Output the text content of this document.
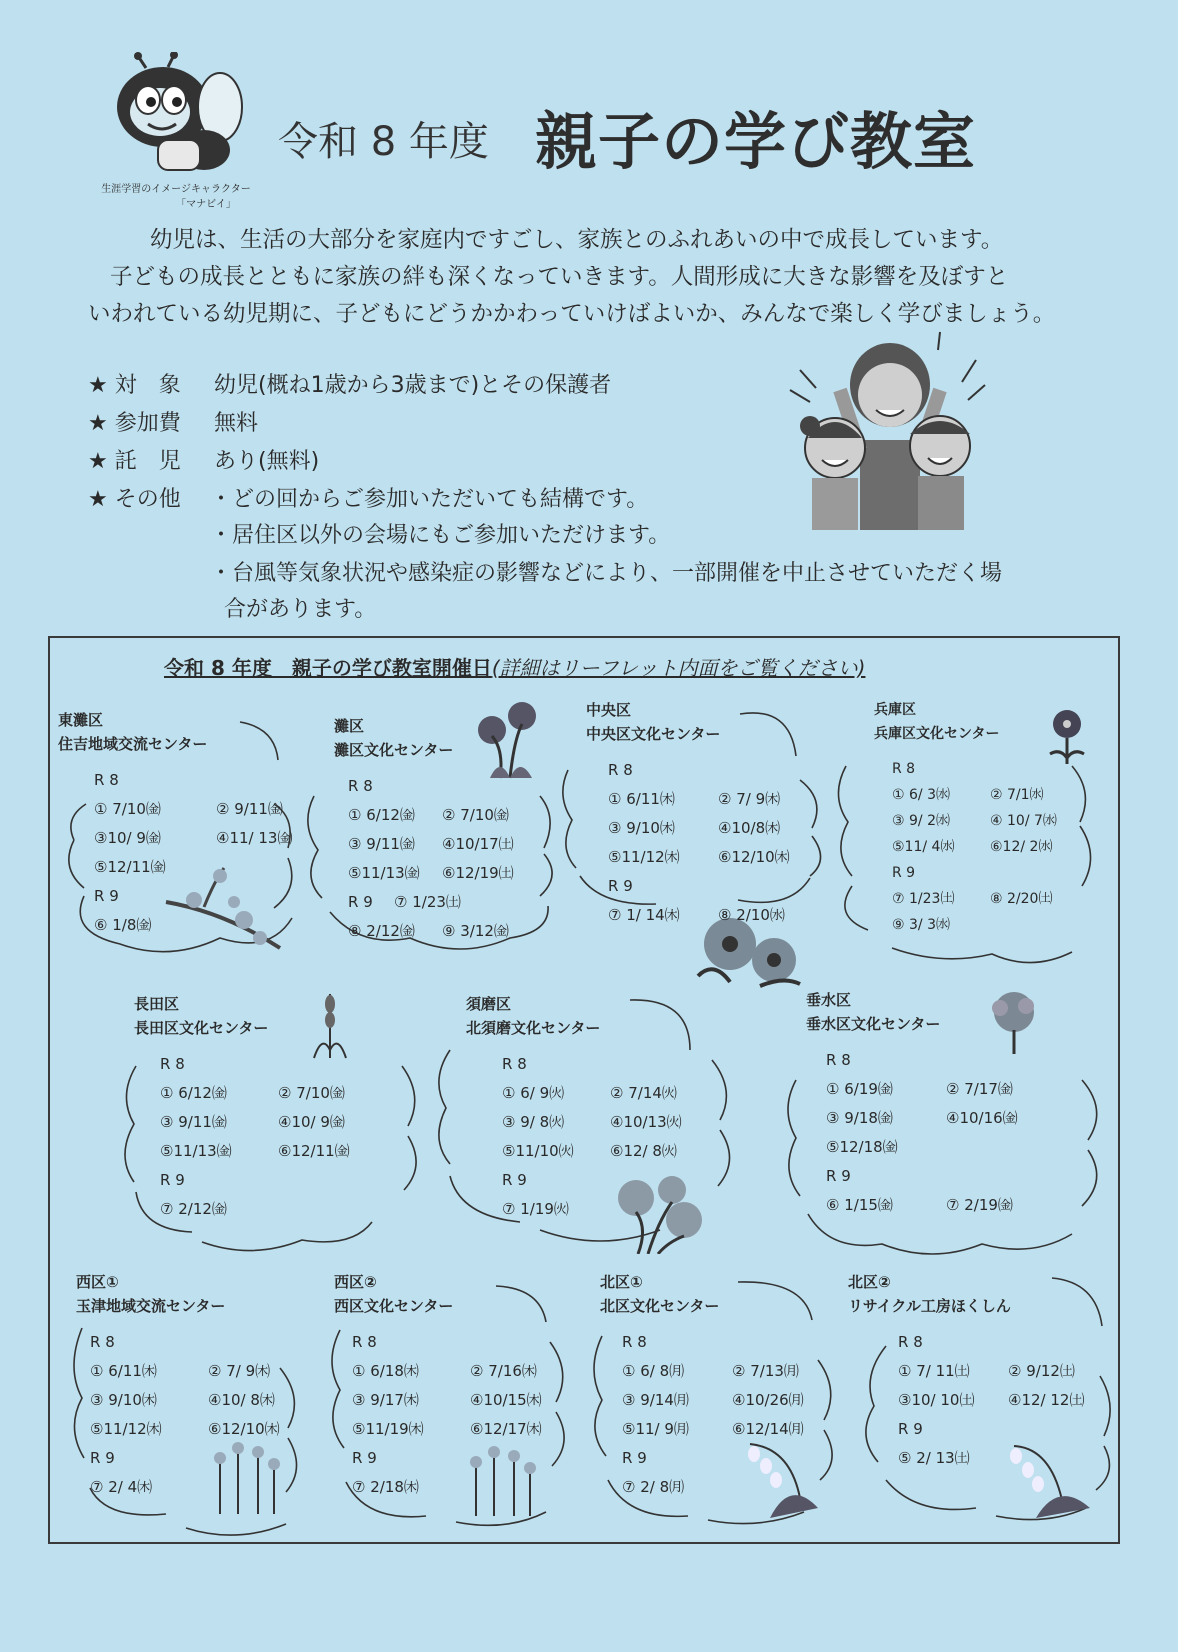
生涯学習のイメージキャラクター
「マナビイ」
令和 8 年度 親子の学び教室
幼児は、生活の大部分を家庭内ですごし、家族とのふれあいの中で成長しています。
子どもの成長とともに家族の絆も深くなっていきます。人間形成に大きな影響を及ぼすと
いわれている幼児期に、子どもにどうかかわっていけばよいか、みんなで楽しく学びましょう。
★ 対　象 幼児(概ね1歳から3歳まで)とその保護者
★ 参加費 無料
★ 託　児 あり(無料)
★ その他 ・どの回からご参加いただいても結構です。
・居住区以外の会場にもご参加いただけます。
・台風等気象状況や感染症の影響などにより、一部開催を中止させていただく場
合があります。
令和 8 年度　親子の学び教室開催日(詳細はリーフレット内面をご覧ください)
東灘区
住吉地域交流センター
R 8
① 7/10㈮	② 9/11㈮
③10/ 9㈮	④11/ 13㈮
⑤12/11㈮
R 9
⑥ 1/8㈮
灘区
灘区文化センター
R 8
① 6/12㈮	② 7/10㈮
③ 9/11㈮	④10/17㈯
⑤11/13㈮	⑥12/19㈯
R 9	⑦ 1/23㈯
⑧ 2/12㈮	⑨ 3/12㈮
中央区
中央区文化センター
R 8
① 6/11㈭	② 7/ 9㈭
③ 9/10㈭	④10/8㈭
⑤11/12㈭	⑥12/10㈭
R 9
⑦ 1/ 14㈭	⑧ 2/10㈬
兵庫区
兵庫区文化センター
R 8
① 6/ 3㈬	② 7/1㈬
③ 9/ 2㈬	④ 10/ 7㈬
⑤11/ 4㈬	⑥12/ 2㈬
R 9
⑦ 1/23㈯	⑧ 2/20㈯
⑨ 3/ 3㈬
長田区
長田区文化センター
R 8
① 6/12㈮	② 7/10㈮
③ 9/11㈮	④10/ 9㈮
⑤11/13㈮	⑥12/11㈮
R 9
⑦ 2/12㈮
須磨区
北須磨文化センター
R 8
① 6/ 9㈫	② 7/14㈫
③ 9/ 8㈫	④10/13㈫
⑤11/10㈫	⑥12/ 8㈫
R 9
⑦ 1/19㈫
垂水区
垂水区文化センター
R 8
① 6/19㈮	② 7/17㈮
③ 9/18㈮	④10/16㈮
⑤12/18㈮
R 9
⑥ 1/15㈮	⑦ 2/19㈮
西区①
玉津地域交流センター
R 8
① 6/11㈭	② 7/ 9㈭
③ 9/10㈭	④10/ 8㈭
⑤11/12㈭	⑥12/10㈭
R 9
⑦ 2/ 4㈭
西区②
西区文化センター
R 8
① 6/18㈭	② 7/16㈭
③ 9/17㈭	④10/15㈭
⑤11/19㈭	⑥12/17㈭
R 9
⑦ 2/18㈭
北区①
北区文化センター
R 8
① 6/ 8㈪	② 7/13㈪
③ 9/14㈪	④10/26㈪
⑤11/ 9㈪	⑥12/14㈪
R 9
⑦ 2/ 8㈪
北区②
リサイクル工房ほくしん
R 8
① 7/ 11㈯	② 9/12㈯
③10/ 10㈯	④12/ 12㈯
R 9
⑤ 2/ 13㈯
